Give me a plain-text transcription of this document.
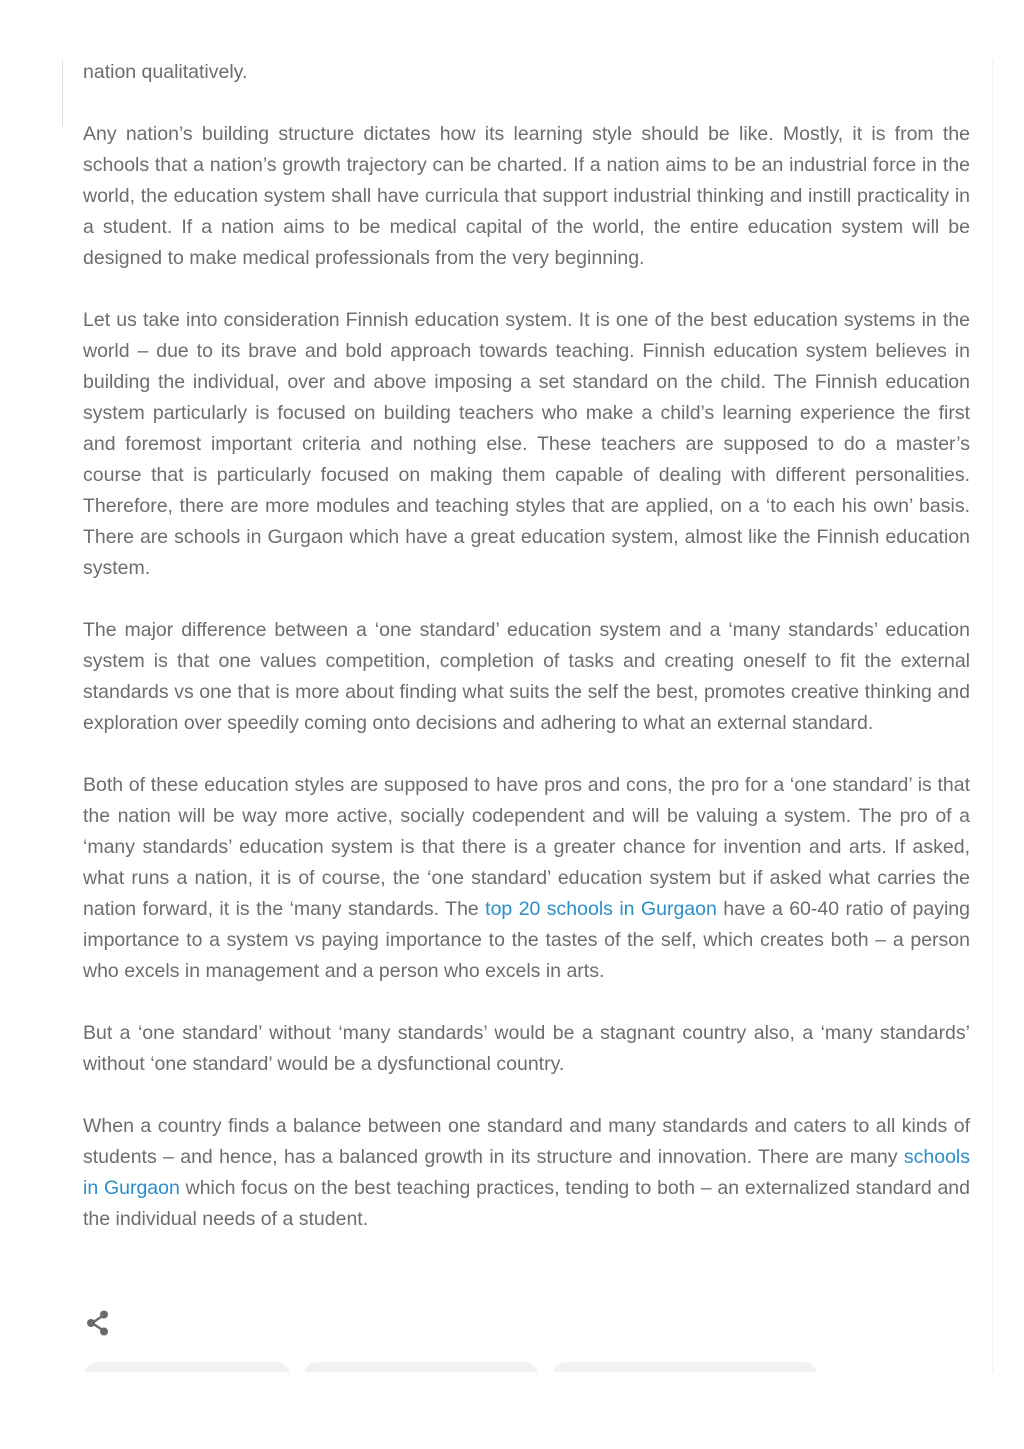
nation qualitatively.

Any nation’s building structure dictates how its learning style should be like. Mostly, it is from the schools that a nation’s growth trajectory can be charted. If a nation aims to be an industrial force in the world, the education system shall have curricula that support industrial thinking and instill practicality in a student. If a nation aims to be medical capital of the world, the entire education system will be designed to make medical professionals from the very beginning.

Let us take into consideration Finnish education system. It is one of the best education systems in the world – due to its brave and bold approach towards teaching. Finnish education system believes in building the individual, over and above imposing a set standard on the child. The Finnish education system particularly is focused on building teachers who make a child’s learning experience the first and foremost important criteria and nothing else. These teachers are supposed to do a master’s course that is particularly focused on making them capable of dealing with different personalities. Therefore, there are more modules and teaching styles that are applied, on a ‘to each his own’ basis. There are schools in Gurgaon which have a great education system, almost like the Finnish education system.

The major difference between a ‘one standard’ education system and a ‘many standards’ education system is that one values competition, completion of tasks and creating oneself to fit the external standards vs one that is more about finding what suits the self the best, promotes creative thinking and exploration over speedily coming onto decisions and adhering to what an external standard.

Both of these education styles are supposed to have pros and cons, the pro for a ‘one standard’ is that the nation will be way more active, socially codependent and will be valuing a system. The pro of a ‘many standards’ education system is that there is a greater chance for invention and arts. If asked, what runs a nation, it is of course, the ‘one standard’ education system but if asked what carries the nation forward, it is the ‘many standards. The top 20 schools in Gurgaon have a 60-40 ratio of paying importance to a system vs paying importance to the tastes of the self, which creates both – a person who excels in management and a person who excels in arts.

But a ‘one standard’ without ‘many standards’ would be a stagnant country also, a ‘many standards’ without ‘one standard’ would be a dysfunctional country.

When a country finds a balance between one standard and many standards and caters to all kinds of students – and hence, has a balanced growth in its structure and innovation. There are many schools in Gurgaon which focus on the best teaching practices, tending to both – an externalized standard and the individual needs of a student.
